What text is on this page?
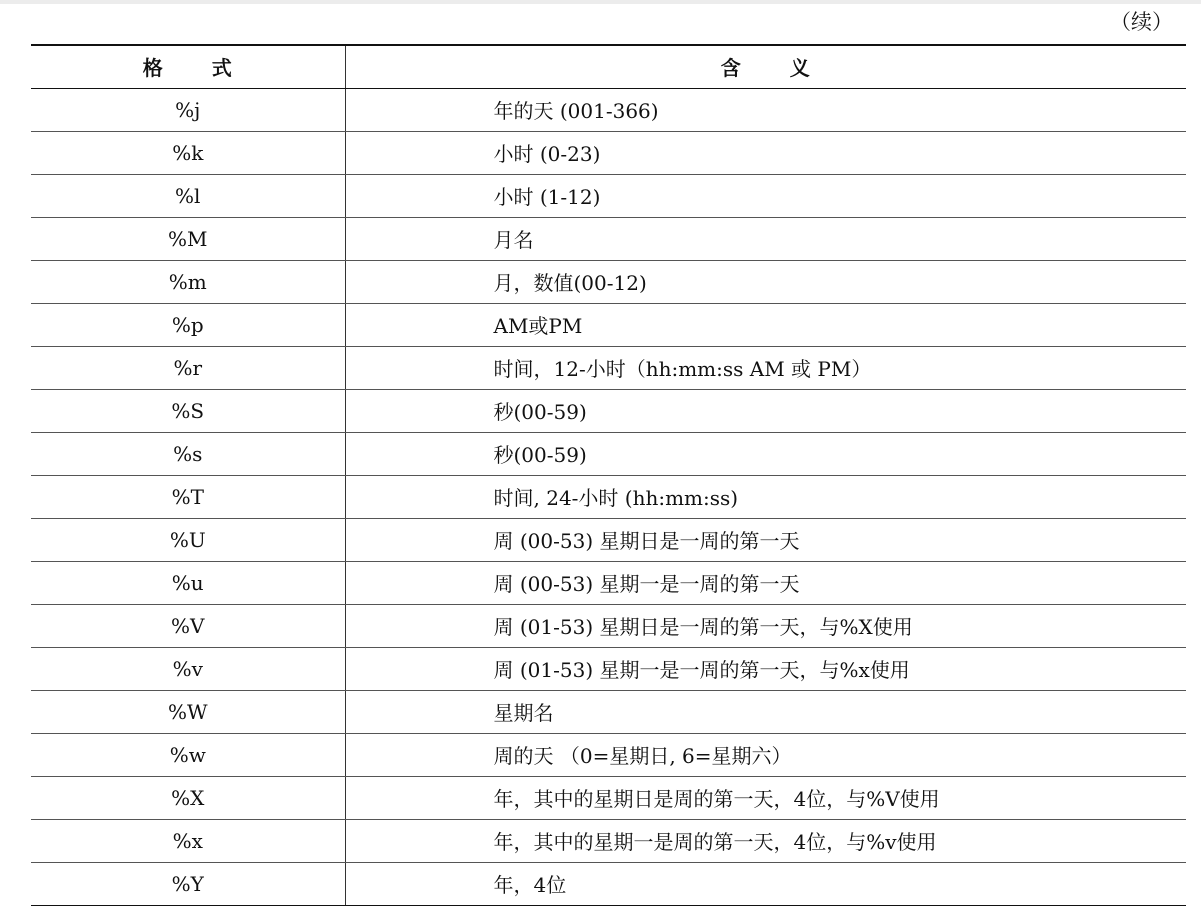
（续）
格 式	含 义
%j	年的天 (001-366)
%k	小时 (0-23)
%l	小时 (1-12)
%M	月名
%m	月，数值(00-12)
%p	AM或PM
%r	时间，12-小时（hh:mm:ss AM 或 PM）
%S	秒(00-59)
%s	秒(00-59)
%T	时间, 24-小时 (hh:mm:ss)
%U	周 (00-53) 星期日是一周的第一天
%u	周 (00-53) 星期一是一周的第一天
%V	周 (01-53) 星期日是一周的第一天，与%X使用
%v	周 (01-53) 星期一是一周的第一天，与%x使用
%W	星期名
%w	周的天 （0=星期日, 6=星期六）
%X	年，其中的星期日是周的第一天，4位，与%V使用
%x	年，其中的星期一是周的第一天，4位，与%v使用
%Y	年，4位
